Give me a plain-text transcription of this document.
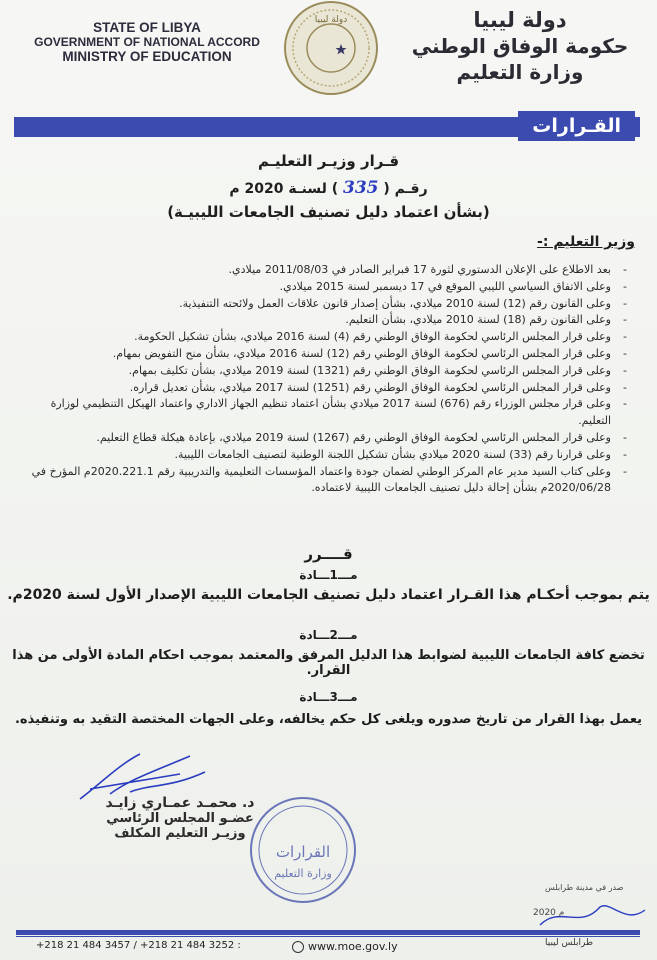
STATE OF LIBYA
GOVERNMENT OF NATIONAL ACCORD
MINISTRY OF EDUCATION
دولة ليبيا	دولة ليبيا
حكومة الوفاق الوطني
وزارة التعليم
القـرارات
قـرار وزيـر التعليـم
رقـم ( 335 ) لسنـة 2020 م
(بشأن اعتماد دليل تصنيف الجامعات الليبيـة)
وزير التعليم :-
-
بعد الاطلاع على الإعلان الدستوري لثورة 17 فبراير الصادر في 2011/08/03 ميلادي.
-
وعلى الاتفاق السياسي الليبي الموقع في 17 ديسمبر لسنة 2015 ميلادي.
-
وعلى القانون رقم (12) لسنة 2010 ميلادي، بشأن إصدار قانون علاقات العمل ولائحته التنفيذية.
-
وعلى القانون رقم (18) لسنة 2010 ميلادي، بشأن التعليم.
-
وعلى قرار المجلس الرئاسي لحكومة الوفاق الوطني رقم (4) لسنة 2016 ميلادي، بشأن تشكيل الحكومة.
-
وعلى قرار المجلس الرئاسي لحكومة الوفاق الوطني رقم (12) لسنة 2016 ميلادي، بشأن منح التفويض بمهام.
-
وعلى قرار المجلس الرئاسي لحكومة الوفاق الوطني رقم (1321) لسنة 2019 ميلادي، بشأن تكليف بمهام.
-
وعلى قرار المجلس الرئاسي لحكومة الوفاق الوطني رقم (1251) لسنة 2017 ميلادي، بشأن تعديل قراره.
-
وعلى قرار مجلس الوزراء رقم (676) لسنة 2017 ميلادي بشأن اعتماد تنظيم الجهاز الاداري واعتماد الهيكل التنظيمي لوزارة التعليم.
-
وعلى قرار المجلس الرئاسي لحكومة الوفاق الوطني رقم (1267) لسنة 2019 ميلادي، بإعادة هيكلة قطاع التعليم.
-
وعلى قرارنا رقم (33) لسنة 2020 ميلادي بشأن تشكيل اللجنة الوطنية لتصنيف الجامعات الليبية.
-
وعلى كتاب السيد مدير عام المركز الوطني لضمان جودة واعتماد المؤسسات التعليمية والتدريبية رقم 2020.221.1م المؤرخ في 2020/06/28م بشأن إحالة دليل تصنيف الجامعات الليبية لاعتماده.
قــــرر
مـــ1ـــادة
يتم بموجب أحكـام هذا القـرار اعتماد دليل تصنيف الجامعات الليبية الإصدار الأول لسنة 2020م.
مـــ2ـــادة
تخضع كافة الجامعات الليبية لضوابط هذا الدليل المرفق والمعتمد بموجب احكام المادة الأولى من هذا القرار.
مـــ3ـــادة
يعمل بهذا القرار من تاريخ صدوره ويلغى كل حكم يخالفه، وعلى الجهات المختصة التقيد به وتنفيذه.
د. محمـد عمـاري زايـد
عضـو المجلس الرئاسي
وزيـر التعليم المكلف
القرارات
وزارة التعليم
صدر في مدينة طرابلس
2020 م
طرابلس ليبيا
+218 21 484 3457 / +218 21 484 3252 :	www.moe.gov.ly
